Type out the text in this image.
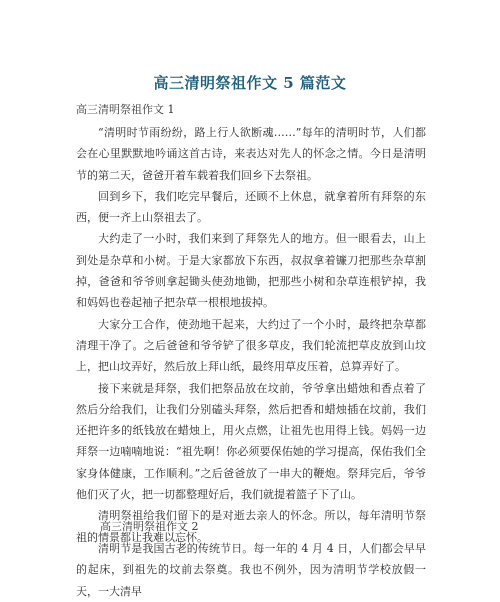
高三清明祭祖作文 5 篇范文
高三清明祭祖作文 1

“清明时节雨纷纷，路上行人欲断魂……”每年的清明时节，人们都会在心里默默地吟诵这首古诗，来表达对先人的怀念之情。今日是清明节的第二天，爸爸开着车载着我们回乡下去祭祖。

回到乡下，我们吃完早餐后，还顾不上休息，就拿着所有拜祭的东西，便一齐上山祭祖去了。

大约走了一小时，我们来到了拜祭先人的地方。但一眼看去，山上到处是杂草和小树。于是大家都放下东西，叔叔拿着镰刀把那些杂草割掉，爸爸和爷爷则拿起锄头使劲地锄，把那些小树和杂草连根铲掉，我和妈妈也卷起袖子把杂草一根根地拔掉。

大家分工合作，使劲地干起来，大约过了一个小时，最终把杂草都清理干净了。之后爸爸和爷爷铲了很多草皮，我们轮流把草皮放到山坟上，把山坟弄好，然后放上拜山纸，最终用草皮压着，总算弄好了。

接下来就是拜祭，我们把祭品放在坟前，爷爷拿出蜡烛和香点着了然后分给我们，让我们分别磕头拜祭，然后把香和蜡烛插在坟前，我们还把许多的纸钱放在蜡烛上，用火点燃，让祖先也用得上钱。妈妈一边拜祭一边喃喃地说：“祖先啊！你必须要保佑她的学习提高，保佑我们全家身体健康，工作顺利。”之后爸爸放了一串大的鞭炮。祭拜完后，爷爷他们灭了火，把一切都整理好后，我们就提着篮子下了山。

清明祭祖给我们留下的是对逝去亲人的怀念。所以，每年清明节祭祖的情景都让我难以忘怀。

高三清明祭祖作文 2

清明节是我国古老的传统节日。每一年的 4 月 4 日，人们都会早早的起床，到祖先的坟前去祭奠。我也不例外，因为清明节学校放假一天，一大清早
